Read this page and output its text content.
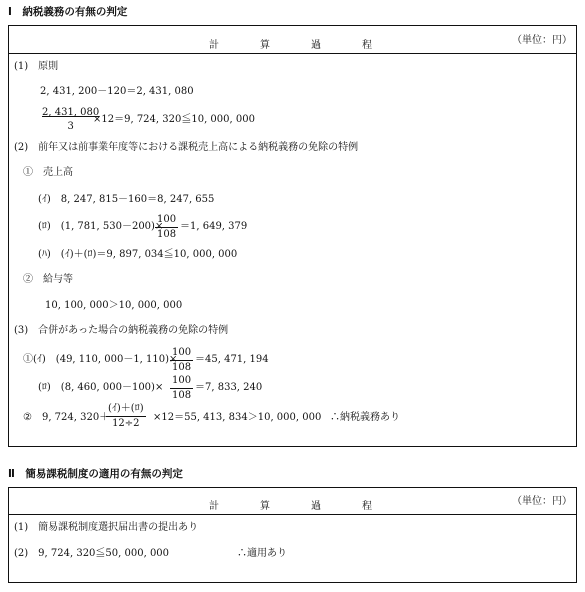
Ⅰ　納税義務の有無の判定
計	算	過	程	（単位：円）
(1)　原則
2, 431, 200－120＝2, 431, 080
$\frac{2, 431, 080}{3}$
×12＝9, 724, 320≦10, 000, 000
(2)　前年又は前事業年度等における課税売上高による納税義務の免除の特例
①　売上高
(ｲ)　8, 247, 815－160＝8, 247, 655
(ﾛ)　(1, 781, 530－200)×
$\frac{100}{108} =1$, 649, 379
(ﾊ)　(ｲ)＋(ﾛ)＝9, 897, 034≦10, 000, 000
②　給与等
10, 100, 000＞10, 000, 000
(3)　合併があった場合の納税義務の免除の特例
①(ｲ)　(49, 110, 000－1, 110)×
$\frac{100}{108} =45$, 471, 194
(ﾛ)　(8, 460, $000-100)\times \frac{100}{108} =7$, 833, 240
②　9, 724, 320＋
(ｲ)＋(ﾛ)
12÷2
×12＝55, 413, 834＞10, 000, 000 ∴納税義務あり
Ⅱ　簡易課税制度の適用の有無の判定
計	算	過	程	（単位：円）
(1)　簡易課税制度選択届出書の提出あり
(2)　9, 724, 320≦50, 000, 000	∴適用あり
